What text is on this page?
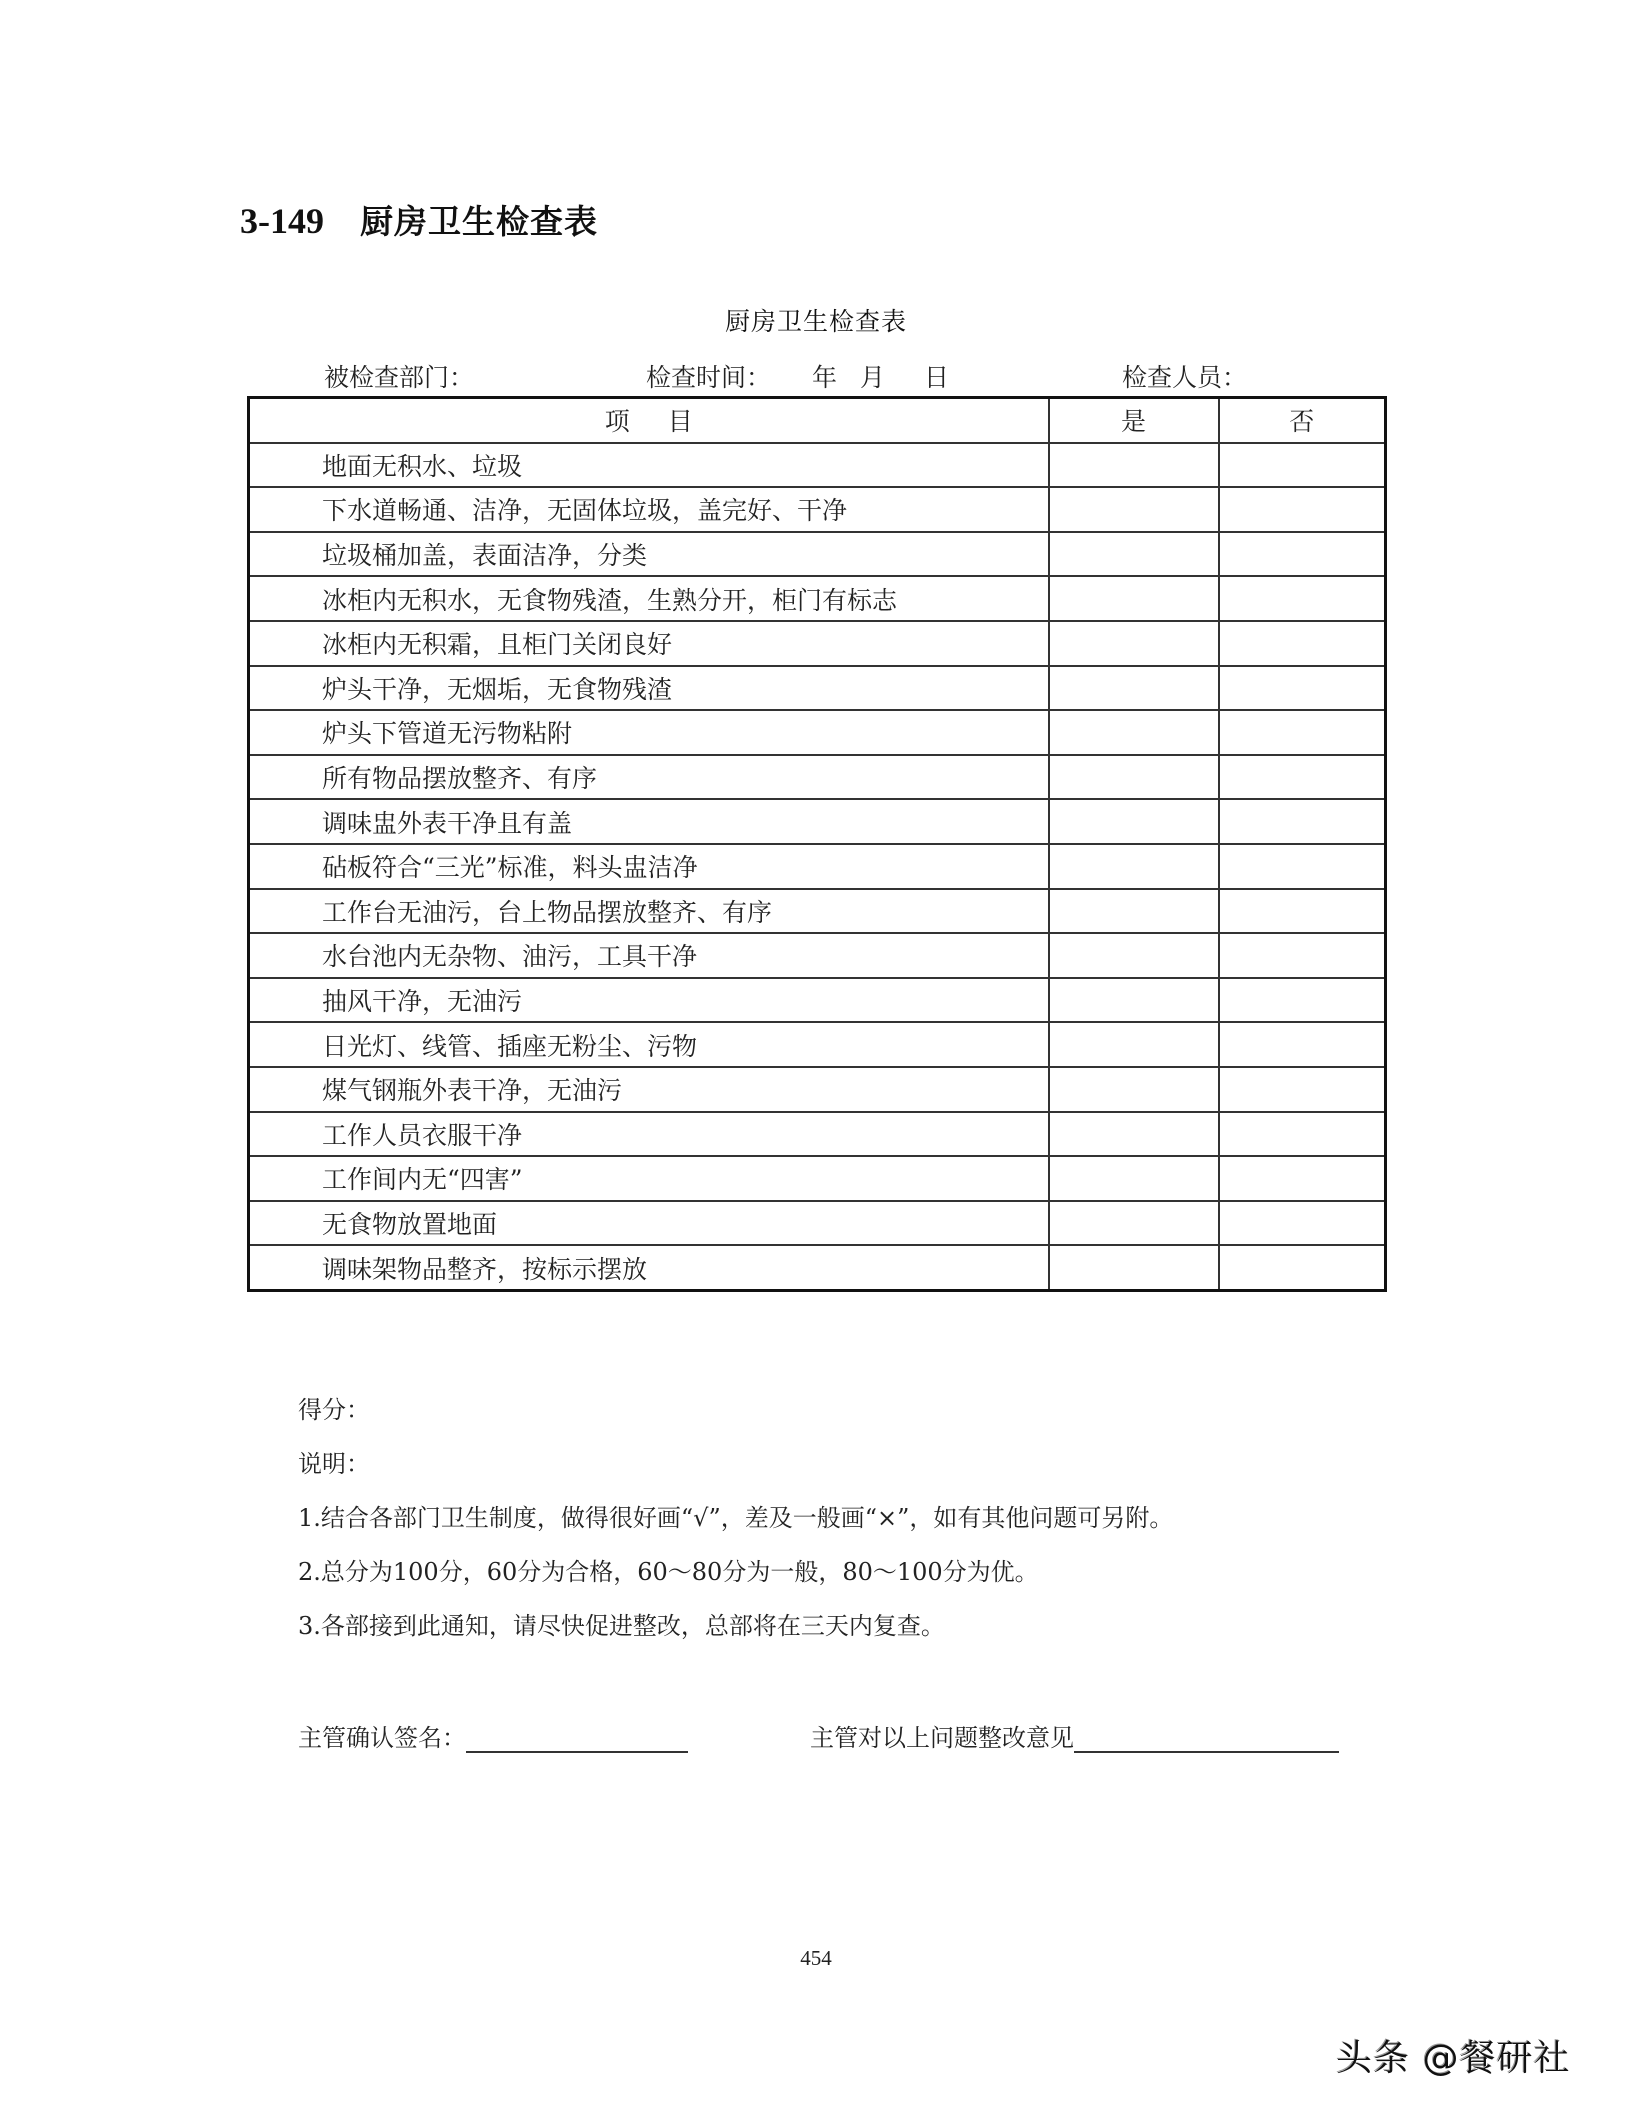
3-149 厨房卫生检查表
厨房卫生检查表
被检查部门：	检查时间： 年 月 日	检查人员：
项目	是	否
地面无积水、垃圾		
下水道畅通、洁净，无固体垃圾，盖完好、干净		
垃圾桶加盖，表面洁净，分类		
冰柜内无积水，无食物残渣，生熟分开，柜门有标志		
冰柜内无积霜，且柜门关闭良好		
炉头干净，无烟垢，无食物残渣		
炉头下管道无污物粘附		
所有物品摆放整齐、有序		
调味盅外表干净且有盖		
砧板符合“三光”标准，料头盅洁净		
工作台无油污，台上物品摆放整齐、有序		
水台池内无杂物、油污，工具干净		
抽风干净，无油污		
日光灯、线管、插座无粉尘、污物		
煤气钢瓶外表干净，无油污		
工作人员衣服干净		
工作间内无“四害”		
无食物放置地面		
调味架物品整齐，按标示摆放		
得分：
说明：
1.结合各部门卫生制度，做得很好画“√”，差及一般画“×”，如有其他问题可另附。
2.总分为100分，60分为合格，60～80分为一般，80～100分为优。
3.各部接到此通知，请尽快促进整改，总部将在三天内复查。
主管确认签名：	主管对以上问题整改意见
454
头条 @餐研社
